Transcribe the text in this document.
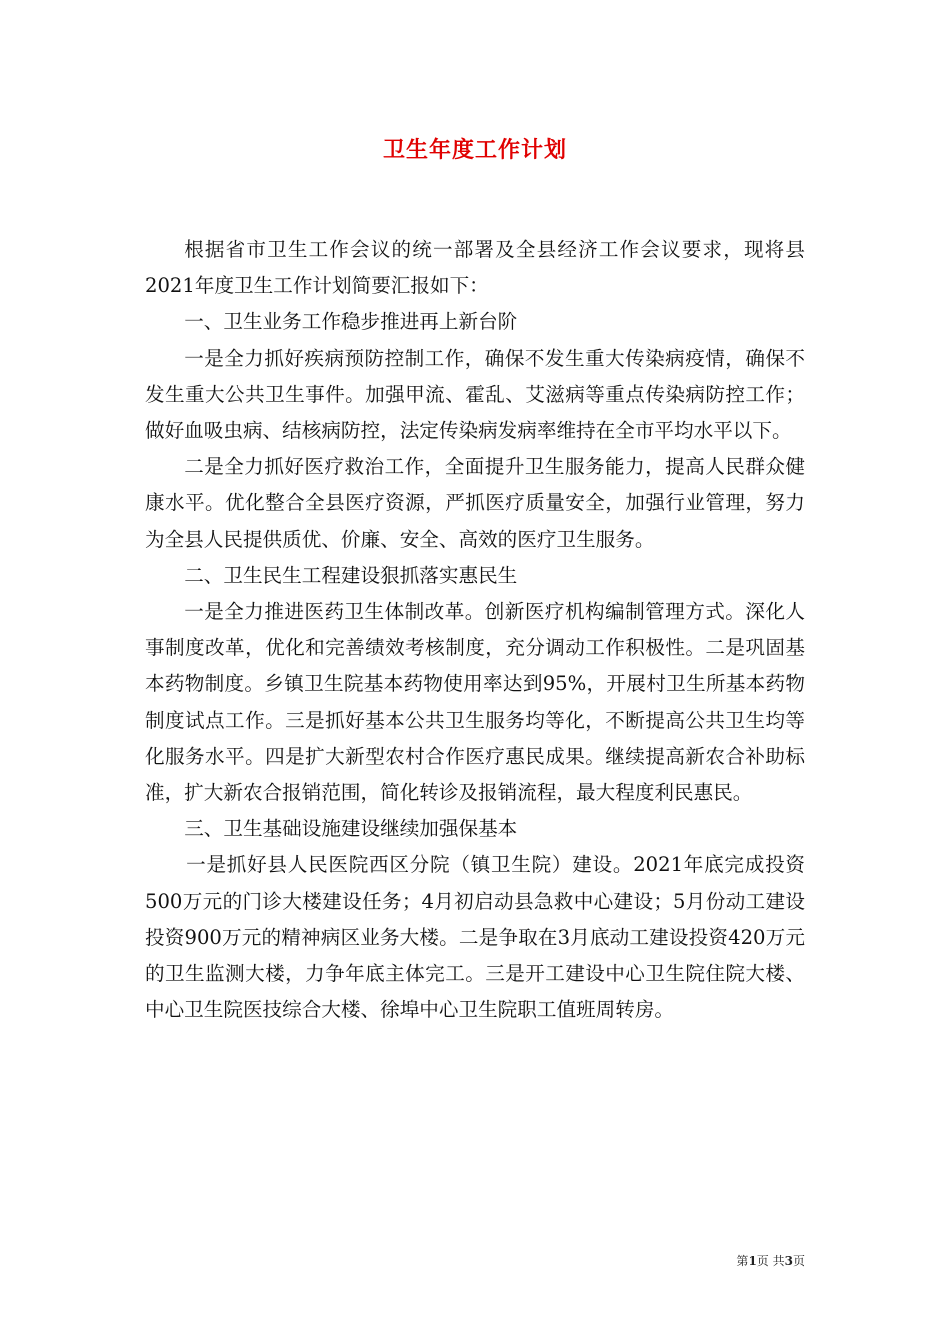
卫生年度工作计划

根据省市卫生工作会议的统一部署及全县经济工作会议要求，现将县2021年度卫生工作计划简要汇报如下：

一、卫生业务工作稳步推进再上新台阶

一是全力抓好疾病预防控制工作，确保不发生重大传染病疫情，确保不发生重大公共卫生事件。加强甲流、霍乱、艾滋病等重点传染病防控工作；做好血吸虫病、结核病防控，法定传染病发病率维持在全市平均水平以下。

二是全力抓好医疗救治工作，全面提升卫生服务能力，提高人民群众健康水平。优化整合全县医疗资源，严抓医疗质量安全，加强行业管理，努力为全县人民提供质优、价廉、安全、高效的医疗卫生服务。

二、卫生民生工程建设狠抓落实惠民生

一是全力推进医药卫生体制改革。创新医疗机构编制管理方式。深化人事制度改革，优化和完善绩效考核制度，充分调动工作积极性。二是巩固基本药物制度。乡镇卫生院基本药物使用率达到95%，开展村卫生所基本药物制度试点工作。三是抓好基本公共卫生服务均等化，不断提高公共卫生均等化服务水平。四是扩大新型农村合作医疗惠民成果。继续提高新农合补助标准，扩大新农合报销范围，简化转诊及报销流程，最大程度利民惠民。

三、卫生基础设施建设继续加强保基本

一是抓好县人民医院西区分院（镇卫生院）建设。2021年底完成投资500万元的门诊大楼建设任务；4月初启动县急救中心建设；5月份动工建设投资900万元的精神病区业务大楼。二是争取在3月底动工建设投资420万元的卫生监测大楼，力争年底主体完工。三是开工建设中心卫生院住院大楼、中心卫生院医技综合大楼、徐埠中心卫生院职工值班周转房。

第1页 共3页
